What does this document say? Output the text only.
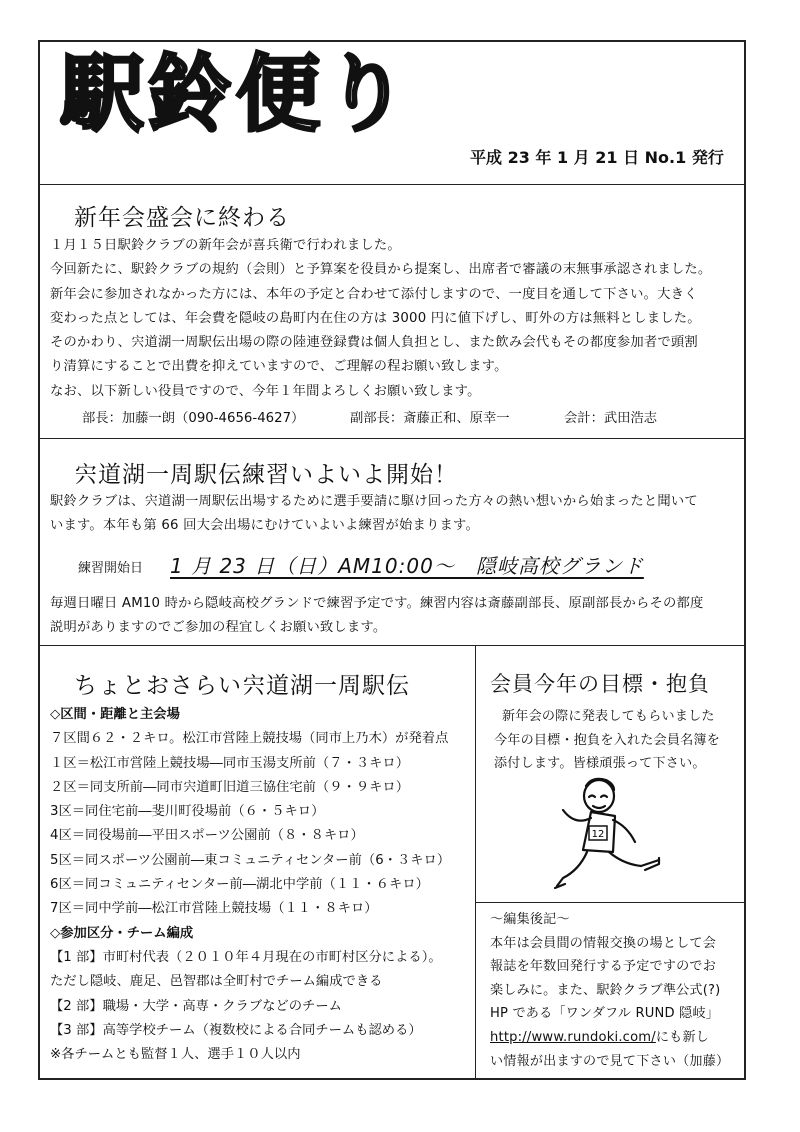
駅鈴便り
平成 23 年 1 月 21 日 No.1 発行
新年会盛会に終わる

１月１５日駅鈴クラブの新年会が喜兵衛で行われました。

今回新たに、駅鈴クラブの規約（会則）と予算案を役員から提案し、出席者で審議の末無事承認されました。

新年会に参加されなかった方には、本年の予定と合わせて添付しますので、一度目を通して下さい。大きく

変わった点としては、年会費を隠岐の島町内在住の方は 3000 円に値下げし、町外の方は無料としました。

そのかわり、宍道湖一周駅伝出場の際の陸連登録費は個人負担とし、また飲み会代もその都度参加者で頭割

り清算にすることで出費を抑えていますので、ご理解の程お願い致します。

なお、以下新しい役員ですので、今年１年間よろしくお願い致します。

部長：加藤一朗（090-4656-4627）	副部長：斎藤正和、原幸一	会計：武田浩志
宍道湖一周駅伝練習いよいよ開始！

駅鈴クラブは、宍道湖一周駅伝出場するために選手要請に駆け回った方々の熱い想いから始まったと聞いて

います。本年も第 66 回大会出場にむけていよいよ練習が始まります。

練習開始日 1 月 23 日（日）AM10:00～　隠岐高校グランド

毎週日曜日 AM10 時から隠岐高校グランドで練習予定です。練習内容は斎藤副部長、原副部長からその都度

説明がありますのでご参加の程宜しくお願い致します。

ちょとおさらい宍道湖一周駅伝

◇区間・距離と主会場

７区間６２・２キロ。松江市営陸上競技場（同市上乃木）が発着点

１区＝松江市営陸上競技場―同市玉湯支所前（７・３キロ）

２区＝同支所前―同市宍道町旧道三協住宅前（９・９キロ）

3区＝同住宅前―斐川町役場前（６・５キロ）

4区＝同役場前―平田スポーツ公園前（８・８キロ）

5区＝同スポーツ公園前―東コミュニティセンター前（6・３キロ）

6区＝同コミュニティセンター前―湖北中学前（１１・６キロ）

7区＝同中学前―松江市営陸上競技場（１１・８キロ）

◇参加区分・チーム編成

【1 部】市町村代表（２０１０年４月現在の市町村区分による）。

ただし隠岐、鹿足、邑智郡は全町村でチーム編成できる

【2 部】職場・大学・高専・クラブなどのチーム

【3 部】高等学校チーム（複数校による合同チームも認める）

※各チームとも監督１人、選手１０人以内

会員今年の目標・抱負

新年会の際に発表してもらいました

今年の目標・抱負を入れた会員名簿を

添付します。皆様頑張って下さい。

12

～編集後記～

本年は会員間の情報交換の場として会

報誌を年数回発行する予定ですのでお

楽しみに。また、駅鈴クラブ準公式(?)

HP である「ワンダフル RUND 隠岐」

http://www.rundoki.com/にも新し

い情報が出ますので見て下さい（加藤）
